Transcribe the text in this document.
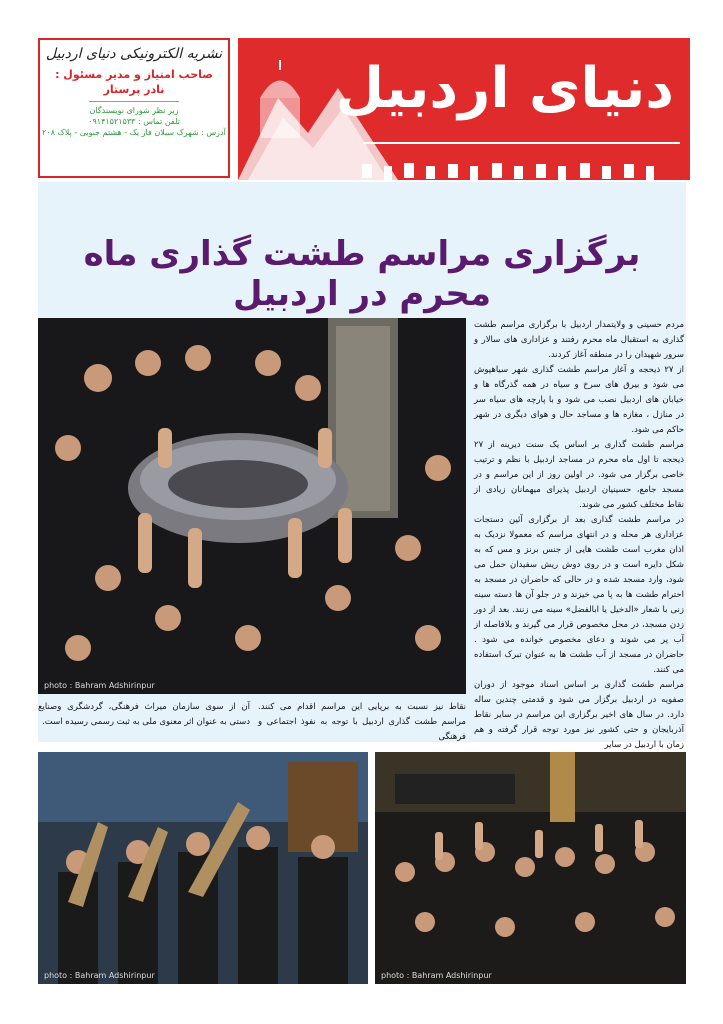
نشریه الکترونیکی دنیای اردبیل
صاحب امتیاز و مدیر مسئول :
نادر پرستار
زیر نظر شورای نویسندگان
تلفن تماس : ۰۹۱۴۱۵۲۱۵۳۳
آدرس : شهرک سبلان فاز یک - هشتم جنوبی - پلاک ۲۰۸
دنیای اردبیل
برگزاری مراسم طشت گذاری ماه محرم در اردبیل
photo : Bahram Adshirinpur

مردم حسینی و ولایتمدار اردبیل با برگزاری مراسم طشت گذاری به استقبال ماه محرم رفتند و عزاداری های سالار و سرور شهیدان را در منطقه آغاز کردند.

از ۲۷ ذیحجه و آغاز مراسم طشت گذاری شهر سیاهپوش می شود و بیرق های سرخ و سیاه در همه گذرگاه ها و خیابان های اردبیل نصب می شود و با پارچه های سیاه سر در منازل ، مغازه ها و مساجد حال و هوای دیگری در شهر حاکم می شود.

مراسم طشت گذاری بر اساس یک سنت دیرینه از ۲۷ ذیحجه تا اول ماه محرم در مساجد اردبیل با نظم و ترتیب خاصی برگزار می شود. در اولین روز از این مراسم و در مسجد جامع، حسینیان اردبیل پذیرای میهمانان زیادی از نقاط مختلف کشور می شوند.

در مراسم طشت گذاری بعد از برگزاری آئین دستجات عزاداری هر محله و در انتهای مراسم که معمولا نزدیک به اذان مغرب است طشت هایی از جنس برنز و مس که به شکل دایره است و در روی دوش ریش سفیدان حمل می شود، وارد مسجد شده و در حالی که حاضران در مسجد به احترام طشت ها به پا می خیزند و در جلو آن ها دسته سینه زنی با شعار «الدخیل یا ابالفضل» سینه می زنند. بعد از دور زدن مسجد، در محل مخصوص قرار می گیرند و بلافاصله از آب پر می شوند و دعای مخصوص خوانده می شود . حاضران در مسجد از آب طشت ها به عنوان تبرک استفاده می کنند.

مراسم طشت گذاری بر اساس اسناد موجود از دوران صفویه در اردبیل برگزار می شود و قدمتی چندین ساله دارد. در سال های اخیر برگزاری این مراسم در سایر نقاط آذربایجان و حتی کشور نیز مورد توجه قرار گرفته و هم زمان با اردبیل در سایر

نقاط نیز نسبت به برپایی این مراسم اقدام می کنند. مراسم طشت گذاری اردبیل با توجه به نفوذ اجتماعی و فرهنگی
آن از سوی سازمان میراث فرهنگی، گردشگری وصنایع دستی به عنوان اثر معنوی ملی به ثبت رسمی رسیده است.
photo : Bahram Adshirinpur	photo : Bahram Adshirinpur
